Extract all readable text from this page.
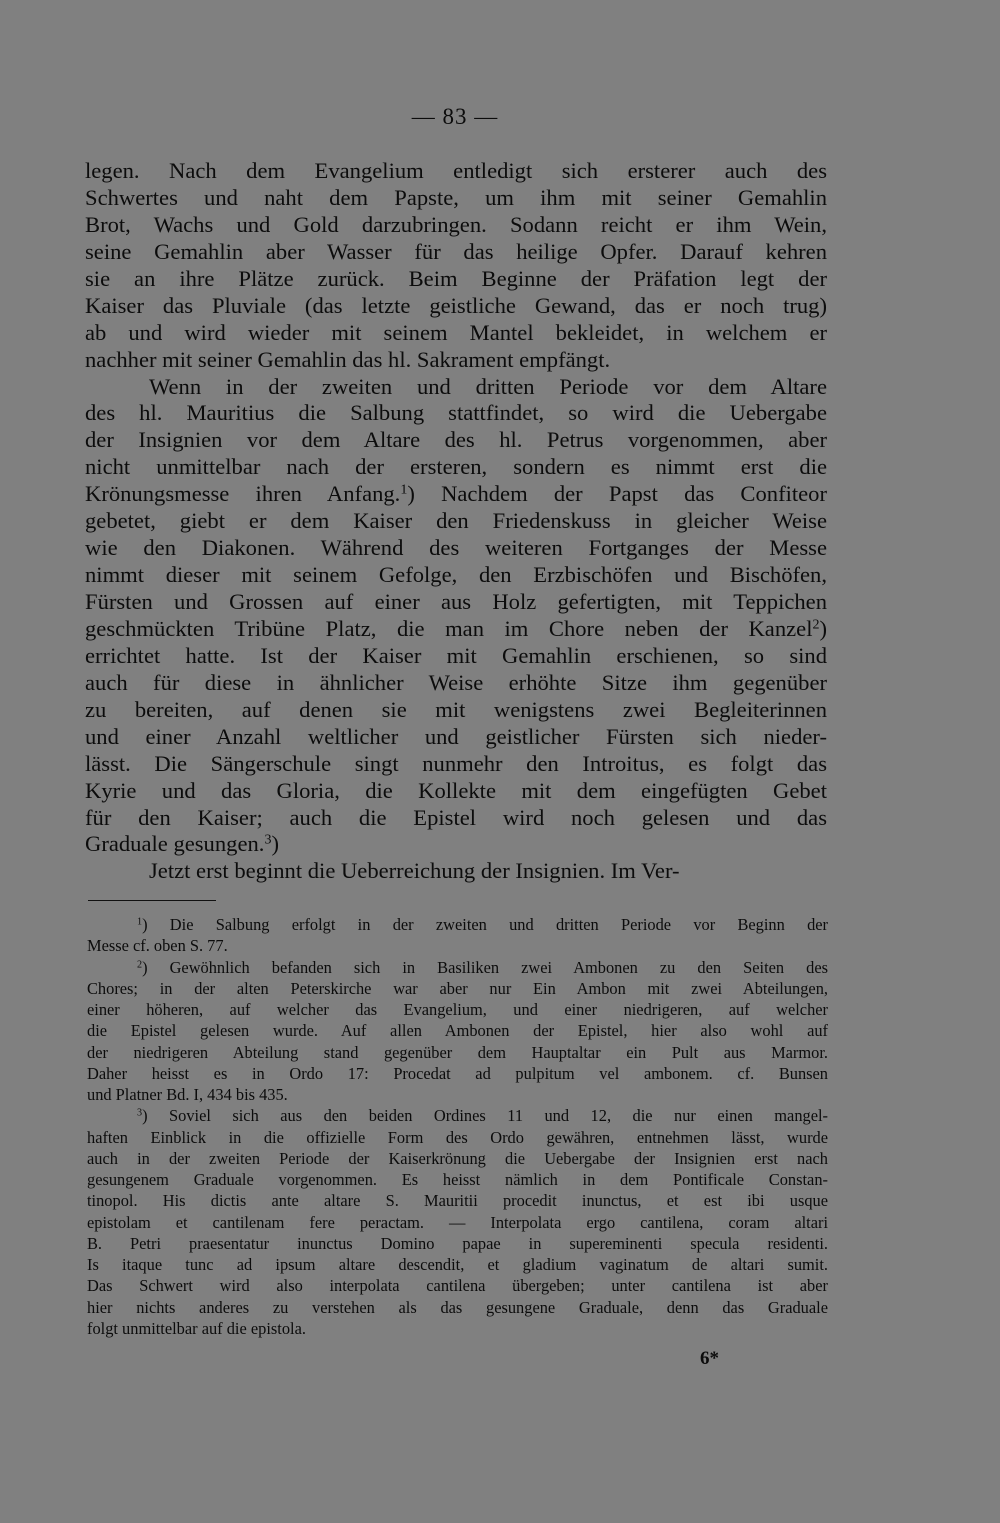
— 83 —
legen. Nach dem Evangelium entledigt sich ersterer auch des
Schwertes und naht dem Papste, um ihm mit seiner Gemahlin
Brot, Wachs und Gold darzubringen. Sodann reicht er ihm Wein,
seine Gemahlin aber Wasser für das heilige Opfer. Darauf kehren
sie an ihre Plätze zurück. Beim Beginne der Präfation legt der
Kaiser das Pluviale (das letzte geistliche Gewand, das er noch trug)
ab und wird wieder mit seinem Mantel bekleidet, in welchem er
nachher mit seiner Gemahlin das hl. Sakrament empfängt.
Wenn in der zweiten und dritten Periode vor dem Altare
des hl. Mauritius die Salbung stattfindet, so wird die Uebergabe
der Insignien vor dem Altare des hl. Petrus vorgenommen, aber
nicht unmittelbar nach der ersteren, sondern es nimmt erst die
Krönungsmesse ihren Anfang.$^1$) Nachdem der Papst das Confiteor
gebetet, giebt er dem Kaiser den Friedenskuss in gleicher Weise
wie den Diakonen. Während des weiteren Fortganges der Messe
nimmt dieser mit seinem Gefolge, den Erzbischöfen und Bischöfen,
Fürsten und Grossen auf einer aus Holz gefertigten, mit Teppichen
geschmückten Tribüne Platz, die man im Chore neben der Kanzel$^2$)
errichtet hatte. Ist der Kaiser mit Gemahlin erschienen, so sind
auch für diese in ähnlicher Weise erhöhte Sitze ihm gegenüber
zu bereiten, auf denen sie mit wenigstens zwei Begleiterinnen
und einer Anzahl weltlicher und geistlicher Fürsten sich nieder-
lässt. Die Sängerschule singt nunmehr den Introitus, es folgt das
Kyrie und das Gloria, die Kollekte mit dem eingefügten Gebet
für den Kaiser; auch die Epistel wird noch gelesen und das
Graduale gesungen.$^3$)
Jetzt erst beginnt die Ueberreichung der Insignien. Im Ver-
$^1$) Die Salbung erfolgt in der zweiten und dritten Periode vor Beginn der
Messe cf. oben S. 77.
$^2$) Gewöhnlich befanden sich in Basiliken zwei Ambonen zu den Seiten des
Chores; in der alten Peterskirche war aber nur Ein Ambon mit zwei Abteilungen,
einer höheren, auf welcher das Evangelium, und einer niedrigeren, auf welcher
die Epistel gelesen wurde. Auf allen Ambonen der Epistel, hier also wohl auf
der niedrigeren Abteilung stand gegenüber dem Hauptaltar ein Pult aus Marmor.
Daher heisst es in Ordo 17: Procedat ad pulpitum vel ambonem. cf. Bunsen
und Platner Bd. I, 434 bis 435.
$^3$) Soviel sich aus den beiden Ordines 11 und 12, die nur einen mangel-
haften Einblick in die offizielle Form des Ordo gewähren, entnehmen lässt, wurde
auch in der zweiten Periode der Kaiserkrönung die Uebergabe der Insignien erst nach
gesungenem Graduale vorgenommen. Es heisst nämlich in dem Pontificale Constan-
tinopol. His dictis ante altare S. Mauritii procedit inunctus, et est ibi usque
epistolam et cantilenam fere peractam. — Interpolata ergo cantilena, coram altari
B. Petri praesentatur inunctus Domino papae in supereminenti specula residenti.
Is itaque tunc ad ipsum altare descendit, et gladium vaginatum de altari sumit.
Das Schwert wird also interpolata cantilena übergeben; unter cantilena ist aber
hier nichts anderes zu verstehen als das gesungene Graduale, denn das Graduale
folgt unmittelbar auf die epistola.
6*
